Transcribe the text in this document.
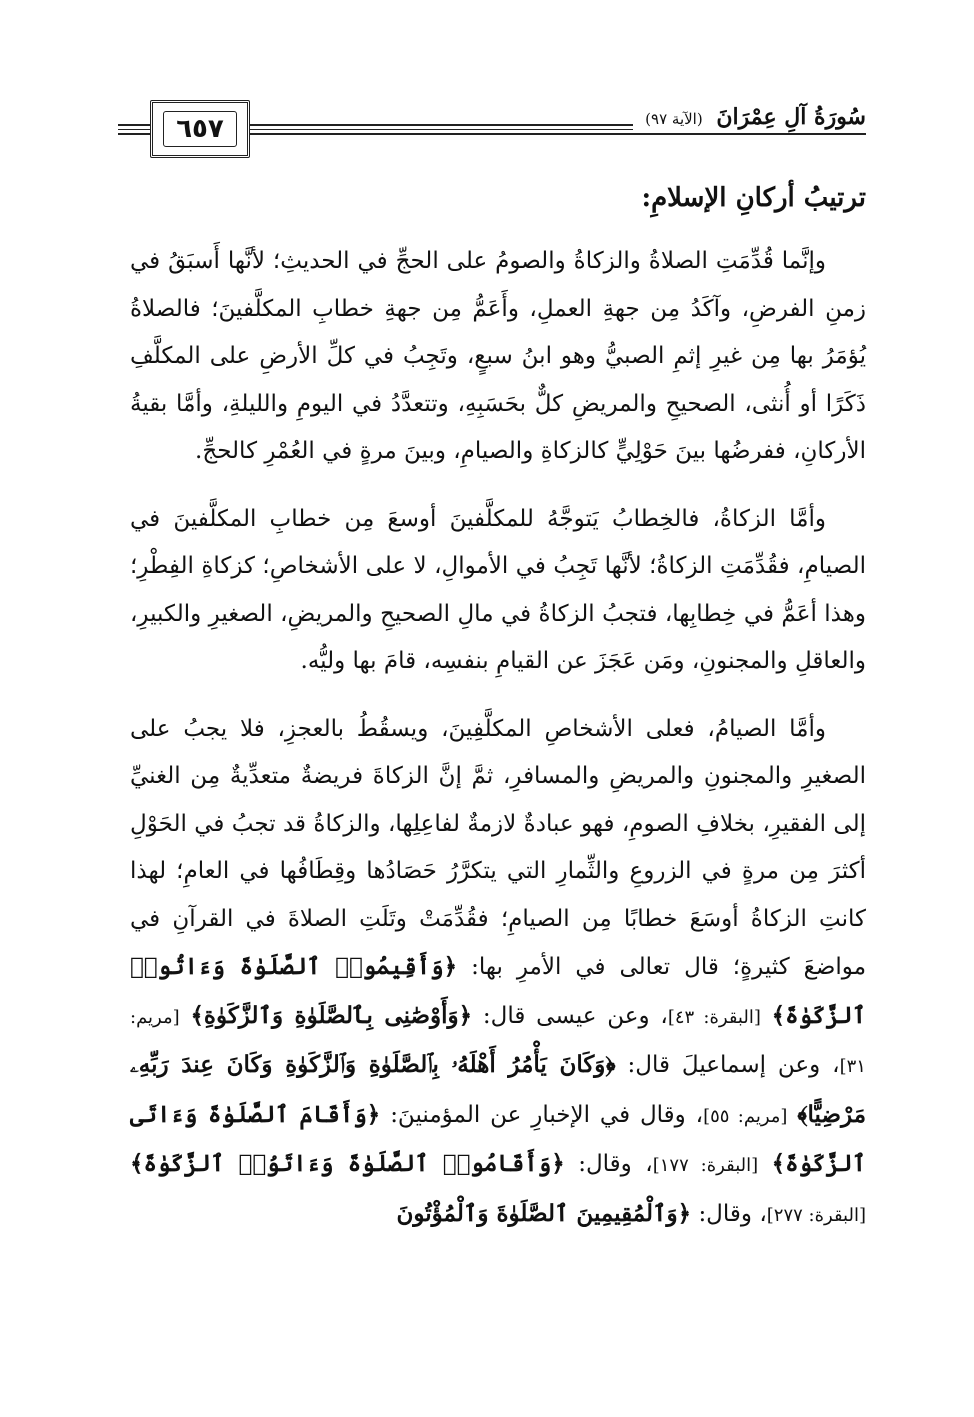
٦٥٧	سُورَةُ آلِ عِمْرَانَ (الآية ٩٧)
ترتيبُ أركانِ الإسلامِ:

وإنَّما قُدِّمَتِ الصلاةُ والزكاةُ والصومُ على الحجِّ في الحديثِ؛ لأنَّها أَسبَقُ في زمنِ الفرضِ، وآكَدُ مِن جهةِ العملِ، وأَعَمُّ مِن جهةِ خطابِ المكلَّفينَ؛ فالصلاةُ يُؤمَرُ بها مِن غيرِ إثمِ الصبيُّ وهو ابنُ سبعٍ، وتَجِبُ في كلِّ الأرضِ على المكلَّفِ ذَكَرًا أو أُنثى، الصحيحِ والمريضِ كلٌّ بحَسَبِهِ، وتتعدَّدُ في اليومِ والليلةِ، وأمَّا بقيةُ الأركانِ، ففرضُها بينَ حَوْلِيٍّ كالزكاةِ والصيامِ، وبينَ مرةٍ في العُمْرِ كالحجِّ.

وأمَّا الزكاةُ، فالخِطابُ يَتوجَّهُ للمكلَّفينَ أوسعَ مِن خطابِ المكلَّفينَ في الصيامِ، فقُدِّمَتِ الزكاةُ؛ لأنَّها تَجِبُ في الأموالِ، لا على الأشخاصِ؛ كزكاةِ الفِطْرِ؛ وهذا أعَمُّ في خِطابِها، فتجبُ الزكاةُ في مالِ الصحيحِ والمريضِ، الصغيرِ والكبيرِ، والعاقلِ والمجنونِ، ومَن عَجَزَ عن القيامِ بنفسِه، قامَ بها وليُّه.

وأمَّا الصيامُ، فعلى الأشخاصِ المكلَّفِينَ، ويسقُطُ بالعجزِ، فلا يجبُ على الصغيرِ والمجنونِ والمريضِ والمسافرِ، ثمَّ إنَّ الزكاةَ فريضةٌ متعدِّيةٌ مِن الغنيِّ إلى الفقيرِ، بخلافِ الصومِ، فهو عبادةٌ لازمةٌ لفاعِلِها، والزكاةُ قد تجبُ في الحَوْلِ أكثرَ مِن مرةٍ في الزروعِ والثِّمارِ التي يتكرَّرُ حَصَادُها وقِطَافُها في العامِ؛ لهذا كانتِ الزكاةُ أوسَعَ خطابًا مِن الصيامِ؛ فقُدِّمَتْ وتَلَتِ الصلاةَ في القرآنِ في مواضعَ كثيرةٍ؛ قال تعالى في الأمرِ بها: ﴿وَأَقِيمُوا۟ ٱلصَّلَوٰةَ وَءَاتُوا۟ ٱلزَّكَوٰةَ﴾ [البقرة: ٤٣]، وعن عيسى قال: ﴿وَأَوْصَٰنِى بِٱلصَّلَوٰةِ وَٱلزَّكَوٰةِ﴾ [مريم: ٣١]، وعن إسماعيلَ قال: ﴿وَكَانَ يَأْمُرُ أَهْلَهُۥ بِٱلصَّلَوٰةِ وَٱلزَّكَوٰةِ وَكَانَ عِندَ رَبِّهِۦ مَرْضِيًّا﴾ [مريم: ٥٥]، وقال في الإخبارِ عن المؤمنينَ: ﴿وَأَقَامَ ٱلصَّلَوٰةَ وَءَاتَى ٱلزَّكَوٰةَ﴾ [البقرة: ١٧٧]، وقال: ﴿وَأَقَامُوا۟ ٱلصَّلَوٰةَ وَءَاتَوُا۟ ٱلزَّكَوٰةَ﴾ [البقرة: ٢٧٧]، وقال: ﴿وَٱلْمُقِيمِينَ ٱلصَّلَوٰةَ وَٱلْمُؤْتُونَ
